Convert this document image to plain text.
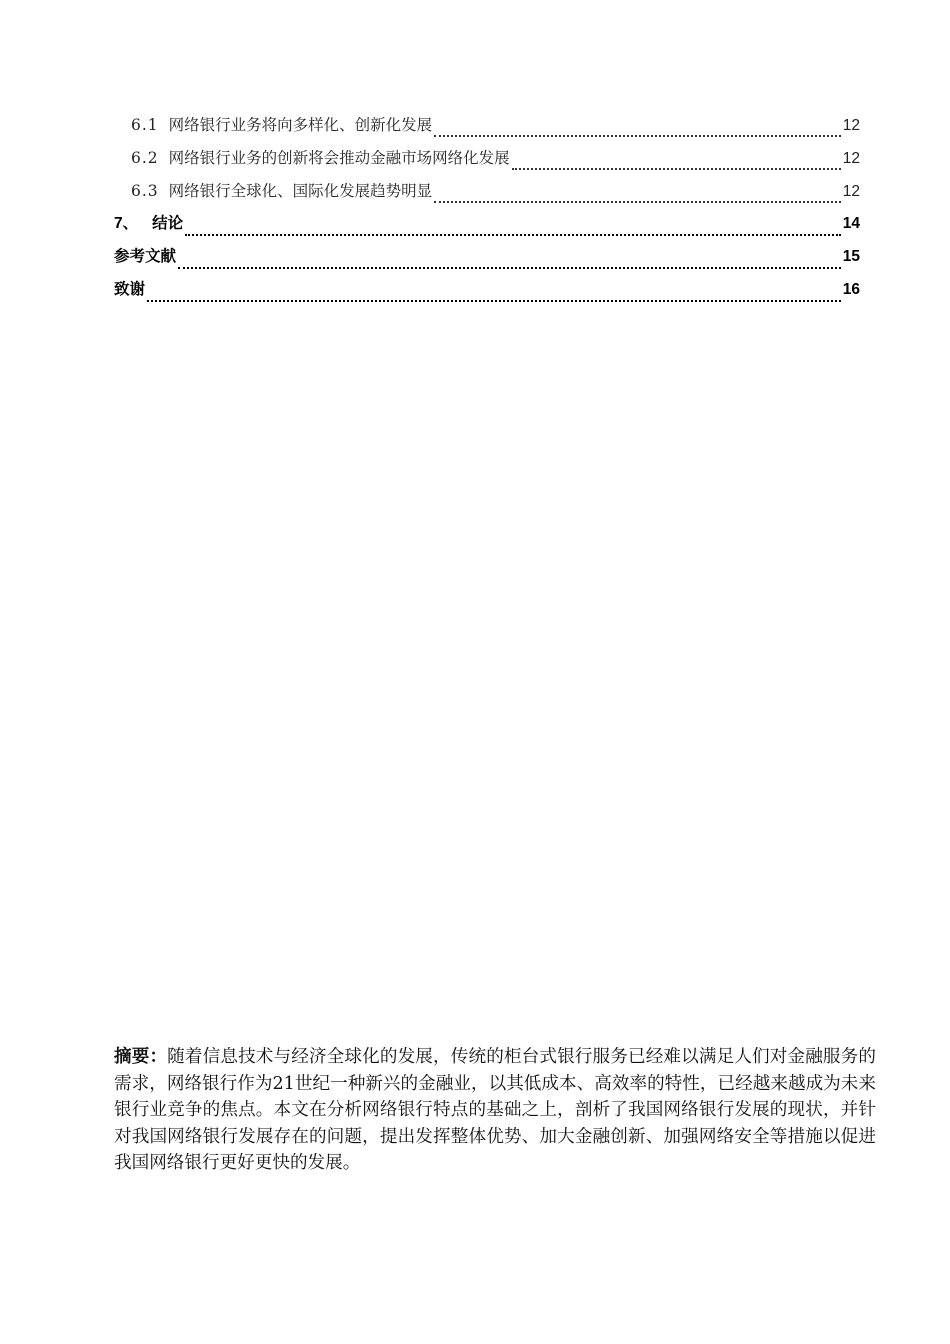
6.1 网络银行业务将向多样化、创新化发展	12
6.2 网络银行业务的创新将会推动金融市场网络化发展	12
6.3 网络银行全球化、国际化发展趋势明显	12
7、 结论	14
参考文献	15
致谢	16
摘要：随着信息技术与经济全球化的发展，传统的柜台式银行服务已经难以满足人们对金融服务的需求，网络银行作为21世纪一种新兴的金融业，以其低成本、高效率的特性，已经越来越成为未来银行业竞争的焦点。本文在分析网络银行特点的基础之上，剖析了我国网络银行发展的现状，并针对我国网络银行发展存在的问题，提出发挥整体优势、加大金融创新、加强网络安全等措施以促进我国网络银行更好更快的发展。
